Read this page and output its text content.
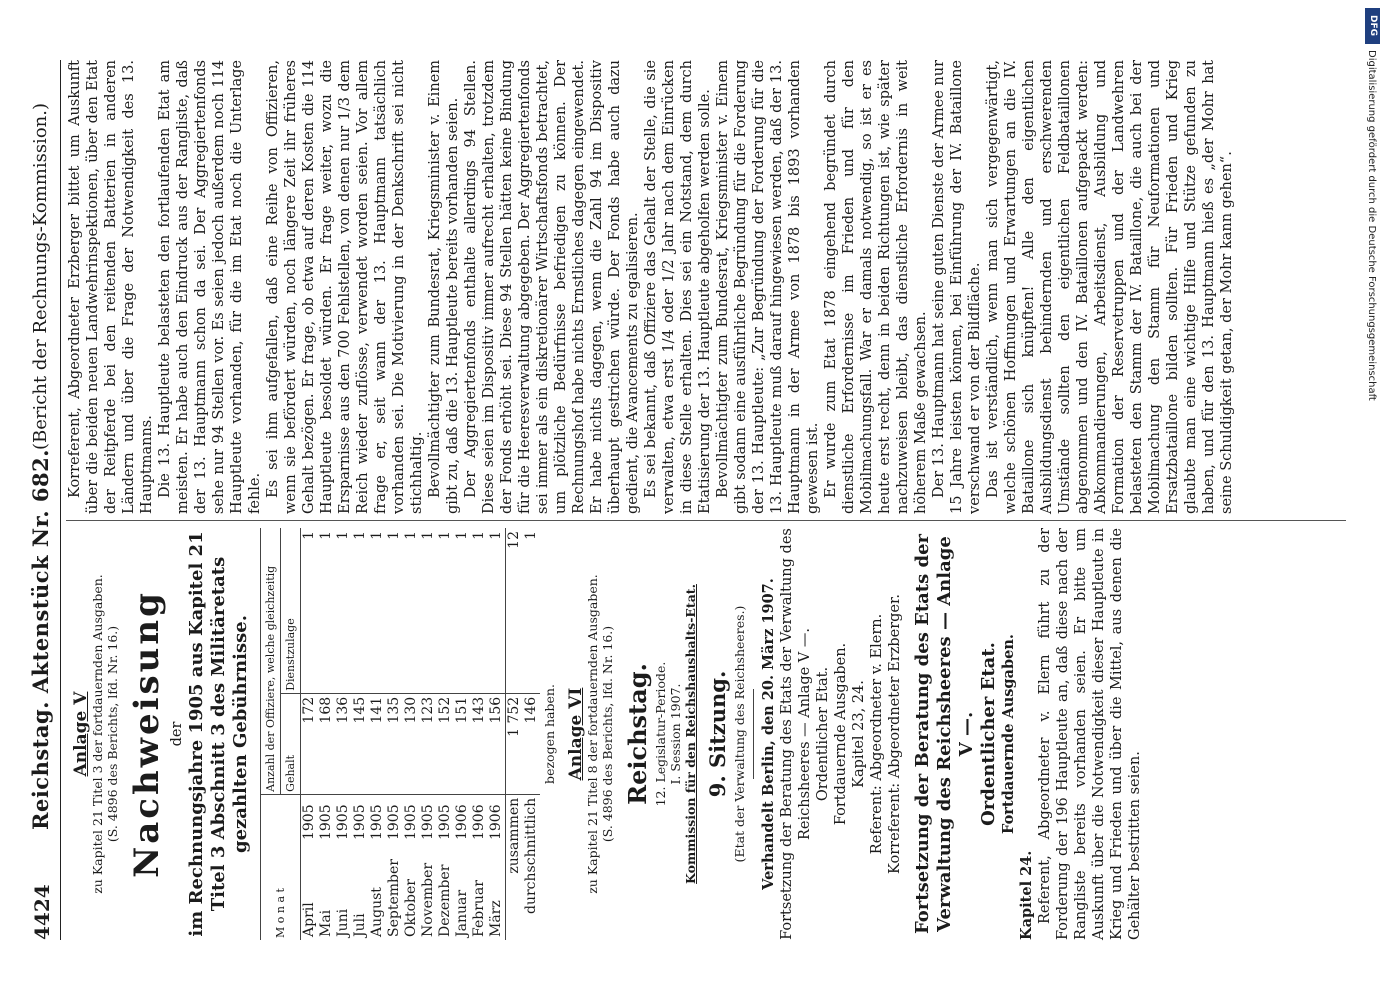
4424
Reichstag. Aktenstück Nr. 682.
(Bericht der Rechnungs-Kommission.)
Anlage V zu Kapitel 21 Titel 3 der fortdauernden Ausgaben. (S. 4896 des Berichts, lfd. Nr. 16.) Nachweisung der im Rechnungsjahre 1905 aus Kapitel 21 Titel 3 Abschnitt 3 des Militäretats gezahlten Gebührnisse.
M o n a t		Anzahl der Offiziere, welche gleichzeitig	
		Gehalt	Dienstzulage
April	1905	172	1
Mai	1905	168	1
Juni	1905	136	1
Juli	1905	145	1
August	1905	141	1
September	1905	135	1
Oktober	1905	130	1
November	1905	123	1
Dezember	1905	152	1
Januar	1906	151	1
Februar	1906	143	1
März	1906	156	1
zusammen		1 752	12
durchschnittlich		146	1
bezogen haben. Anlage VI zu Kapitel 21 Titel 8 der fortdauernden Ausgaben. (S. 4896 des Berichts, lfd. Nr. 16.) Reichstag. 12. Legislatur-Periode. I. Session 1907. Kommission für den Reichshaushalts-Etat. 9. Sitzung. (Etat der Verwaltung des Reichsheeres.) Verhandelt Berlin, den 20. März 1907. Fortsetzung der Beratung des Etats der Verwaltung des Reichsheeres — Anlage V —. Ordentlicher Etat. Fortdauernde Ausgaben. Kapitel 23, 24. Referent: Abgeordneter v. Elern. Korreferent: Abgeordneter Erzberger. Fortsetzung der Beratung des Etats der Verwaltung des Reichsheeres — Anlage V —. Ordentlicher Etat. Fortdauernde Ausgaben.
Kapitel 24. Referent, Abgeordneter v. Elern führt zu der Forderung der 196 Hauptleute an, daß diese nach der Rangliste bereits vorhanden seien. Er bitte um Auskunft über die Notwendigkeit dieser Hauptleute in Krieg und Frieden und über die Mittel, aus denen die Gehälter bestritten seien.

Korreferent, Abgeordneter Erzberger bittet um Auskunft über die beiden neuen Landwehrinspektionen, über den Etat der Reitpferde bei den reitenden Batterien in anderen Ländern und über die Frage der Notwendigkeit des 13. Hauptmanns. Die 13. Hauptleute belasteten den fortlaufenden Etat am meisten. Er habe auch den Eindruck aus der Rangliste, daß der 13. Hauptmann schon da sei. Der Aggregiertenfonds sehe nur 94 Stellen vor. Es seien jedoch außerdem noch 114 Hauptleute vorhanden, für die im Etat noch die Unterlage fehle. Es sei ihm aufgefallen, daß eine Reihe von Offizieren, wenn sie befördert würden, noch längere Zeit ihr früheres Gehalt bezögen. Er frage, ob etwa auf deren Kosten die 114 Hauptleute besoldet würden. Er frage weiter, wozu die Ersparnisse aus den 700 Fehlstellen, von denen nur 1/3 dem Reich wieder zuflösse, verwendet worden seien. Vor allem frage er, seit wann der 13. Hauptmann tatsächlich vorhanden sei. Die Motivierung in der Denkschrift sei nicht stichhaltig. Bevollmächtigter zum Bundesrat, Kriegsminister v. Einem gibt zu, daß die 13. Hauptleute bereits vorhanden seien. Der Aggregiertenfonds enthalte allerdings 94 Stellen. Diese seien im Dispositiv immer aufrecht erhalten, trotzdem der Fonds erhöht sei. Diese 94 Stellen hätten keine Bindung für die Heeresverwaltung abgegeben. Der Aggregiertenfonds sei immer als ein diskretionärer Wirtschaftsfonds betrachtet, um plötzliche Bedürfnisse befriedigen zu können. Der Rechnungshof habe nichts Ernstliches dagegen eingewendet. Er habe nichts dagegen, wenn die Zahl 94 im Dispositiv überhaupt gestrichen würde. Der Fonds habe auch dazu gedient, die Avancements zu egalisieren. Es sei bekannt, daß Offiziere das Gehalt der Stelle, die sie verwalten, etwa erst 1/4 oder 1/2 Jahr nach dem Einrücken in diese Stelle erhalten. Dies sei ein Notstand, dem durch Etatisierung der 13. Hauptleute abgeholfen werden solle. Bevollmächtigter zum Bundesrat, Kriegsminister v. Einem gibt sodann eine ausführliche Begründung für die Forderung der 13. Hauptleute: „Zur Begründung der Forderung für die 13. Hauptleute muß darauf hingewiesen werden, daß der 13. Hauptmann in der Armee von 1878 bis 1893 vorhanden gewesen ist. Er wurde zum Etat 1878 eingehend begründet durch dienstliche Erfordernisse im Frieden und für den Mobilmachungsfall. War er damals notwendig, so ist er es heute erst recht, denn in beiden Richtungen ist, wie später nachzuweisen bleibt, das dienstliche Erfordernis in weit höherem Maße gewachsen. Der 13. Hauptmann hat seine guten Dienste der Armee nur 15 Jahre leisten können, bei Einführung der IV. Bataillone verschwand er von der Bildfläche. Das ist verständlich, wenn man sich vergegenwärtigt, welche schönen Hoffnungen und Erwartungen an die IV. Bataillone sich knüpften! Alle den eigentlichen Ausbildungsdienst behindernden und erschwerenden Umstände sollten den eigentlichen Feldbataillonen abgenommen und den IV. Bataillonen aufgepackt werden: Abkommandierungen, Arbeitsdienst, Ausbildung und Formation der Reservetruppen und der Landwehren belasteten den Stamm der IV. Bataillone, die auch bei der Mobilmachung den Stamm für Neuformationen und Ersatzbataillone bilden sollten. Für Frieden und Krieg glaubte man eine wichtige Hilfe und Stütze gefunden zu haben, und für den 13. Hauptmann hieß es „der Mohr hat seine Schuldigkeit getan, der Mohr kann gehen“.

DFG
Digitalisierung gefördert durch die Deutsche Forschungsgemeinschaft
